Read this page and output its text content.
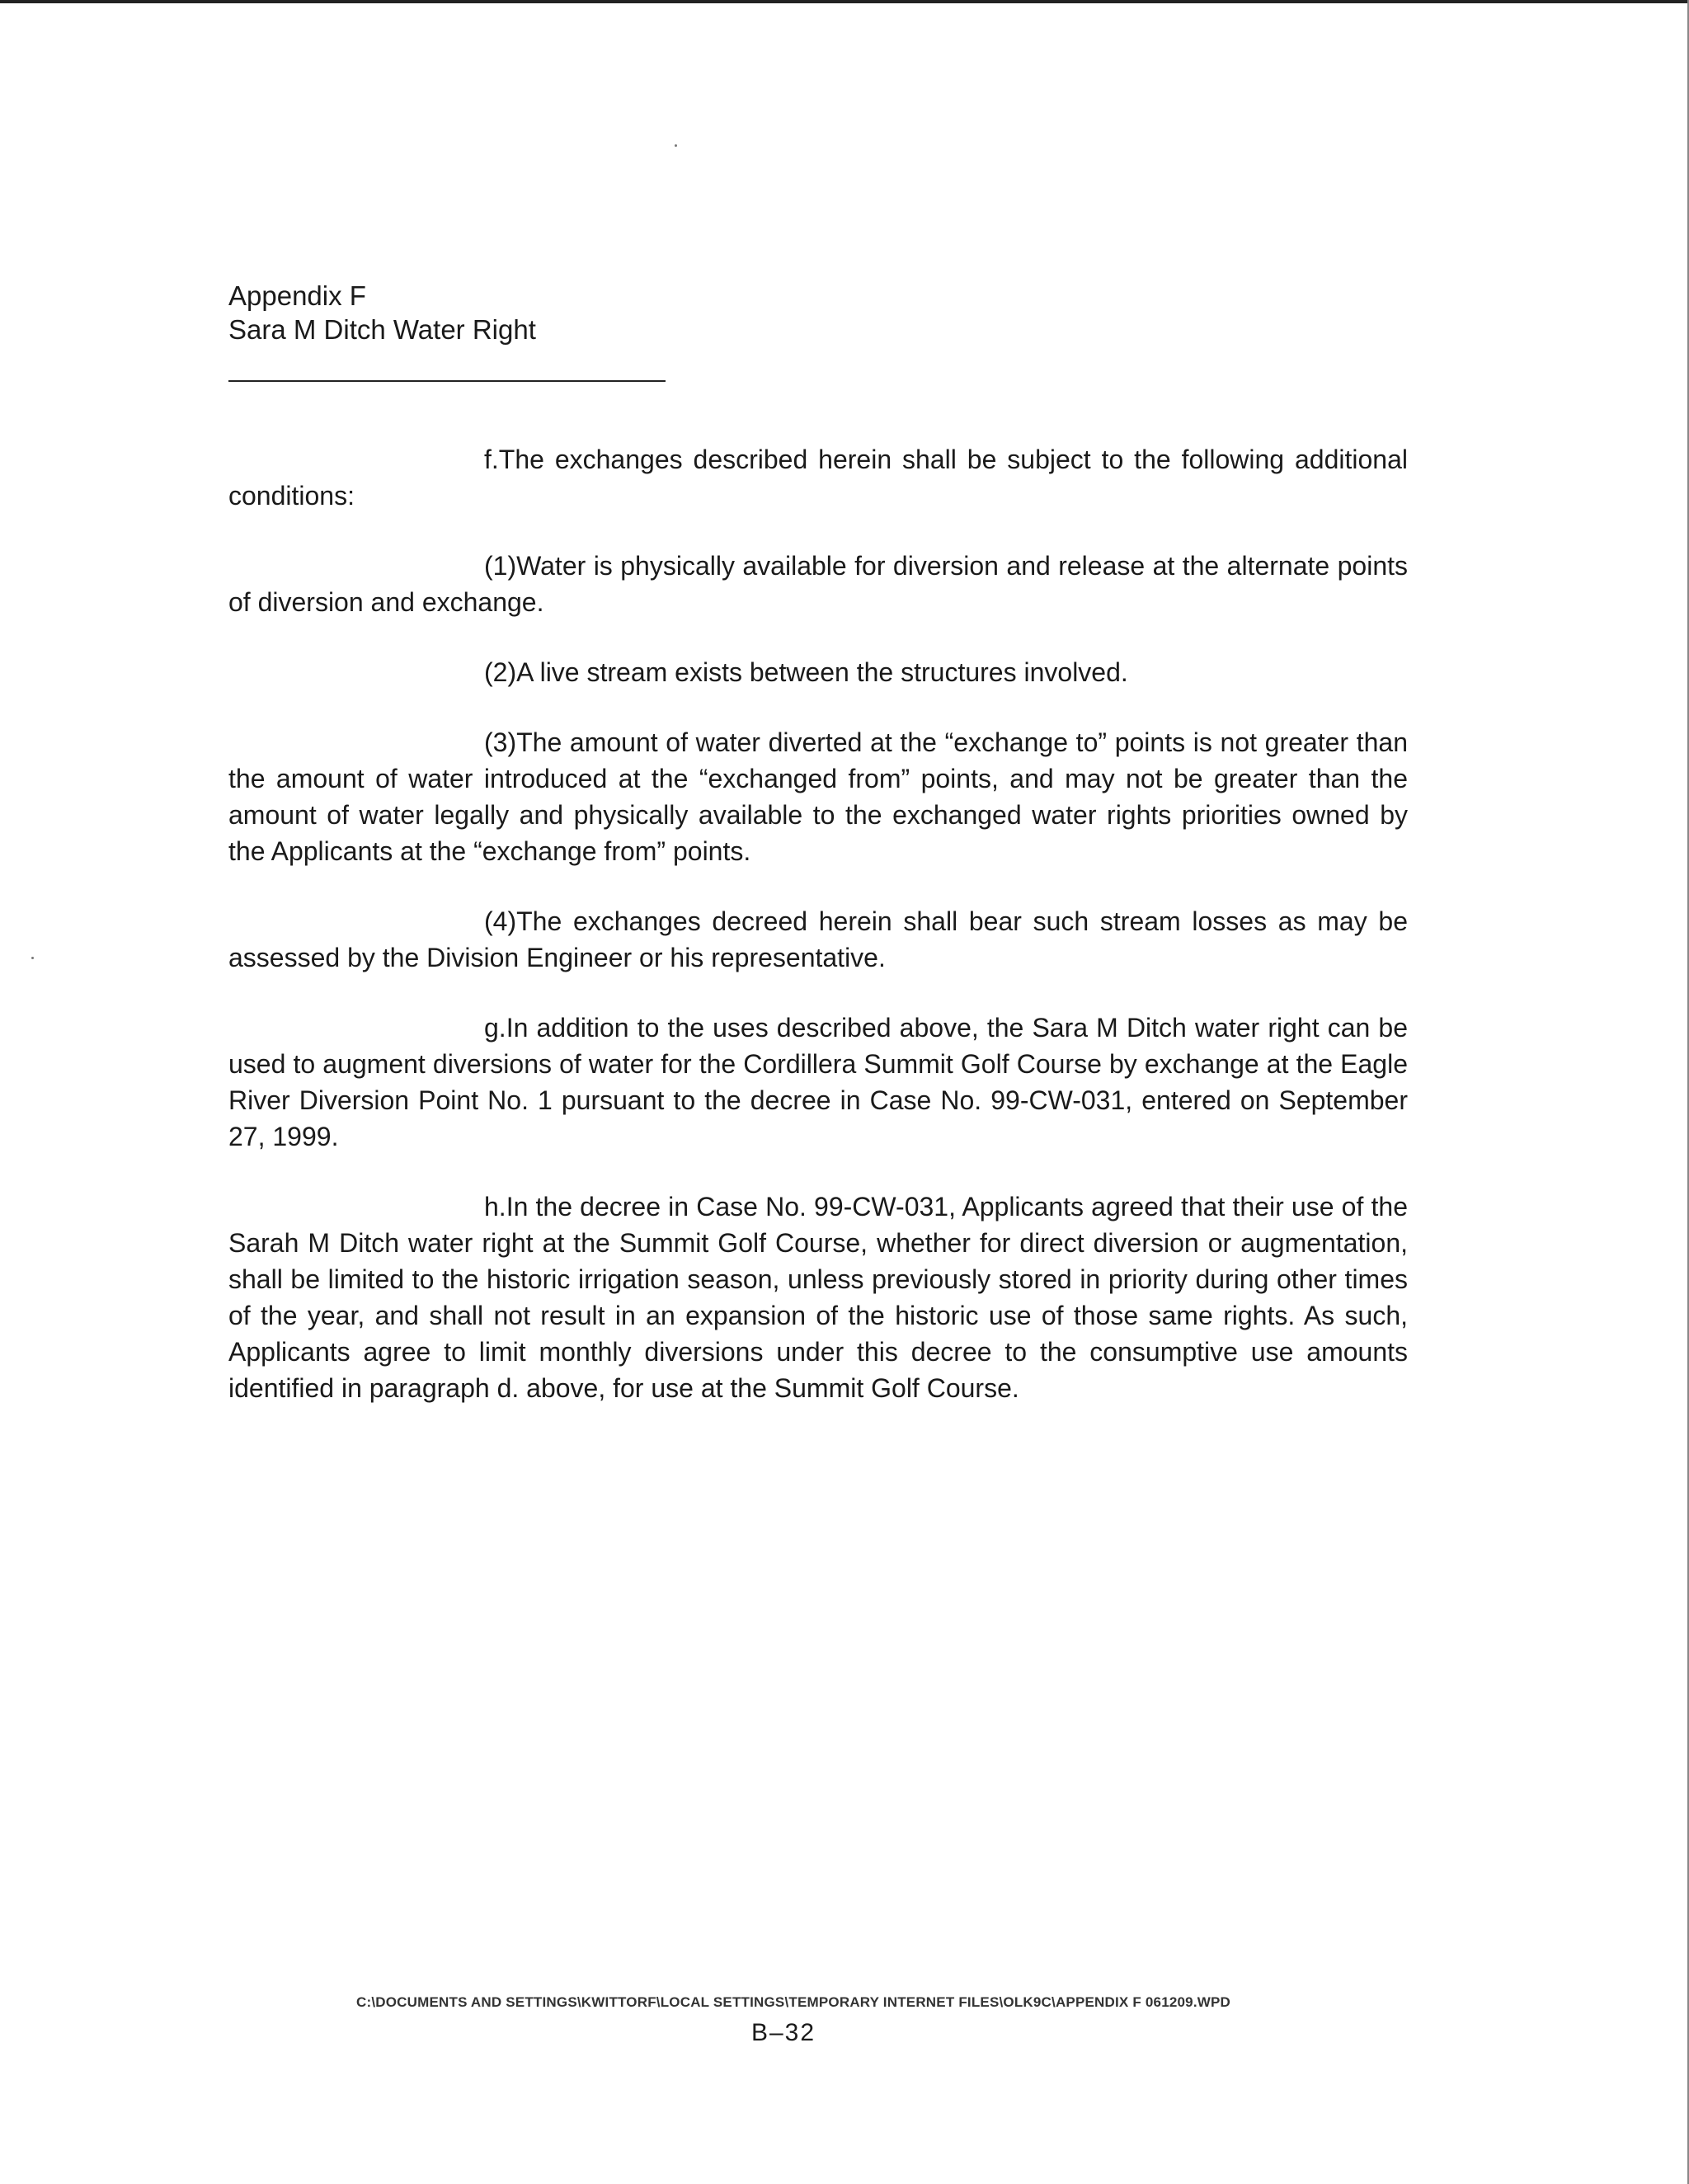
Appendix F
Sara M Ditch Water Right

f.The exchanges described herein shall be subject to the following additional conditions:

(1)Water is physically available for diversion and release at the alternate points of diversion and exchange.

(2)A live stream exists between the structures involved.

(3)The amount of water diverted at the “exchange to” points is not greater than the amount of water introduced at the “exchanged from” points, and may not be greater than the amount of water legally and physically available to the exchanged water rights priorities owned by the Applicants at the “exchange from” points.

(4)The exchanges decreed herein shall bear such stream losses as may be assessed by the Division Engineer or his representative.

g.In addition to the uses described above, the Sara M Ditch water right can be used to augment diversions of water for the Cordillera Summit Golf Course by exchange at the Eagle River Diversion Point No. 1 pursuant to the decree in Case No. 99-CW-031, entered on September 27, 1999.

h.In the decree in Case No. 99-CW-031, Applicants agreed that their use of the Sarah M Ditch water right at the Summit Golf Course, whether for direct diversion or augmentation, shall be limited to the historic irrigation season, unless previously stored in priority during other times of the year, and shall not result in an expansion of the historic use of those same rights. As such, Applicants agree to limit monthly diversions under this decree to the consumptive use amounts identified in paragraph d. above, for use at the Summit Golf Course.

C:\DOCUMENTS AND SETTINGS\KWITTORF\LOCAL SETTINGS\TEMPORARY INTERNET FILES\OLK9C\APPENDIX F 061209.WPD
B–32
